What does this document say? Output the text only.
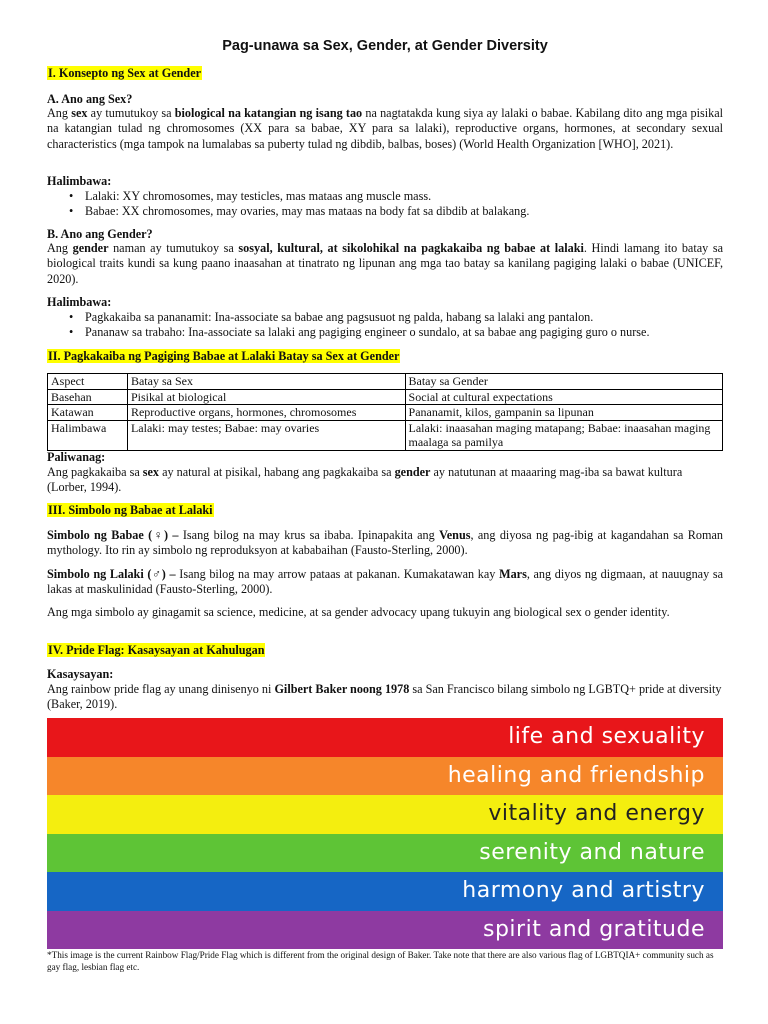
Pag-unawa sa Sex, Gender, at Gender Diversity
I. Konsepto ng Sex at Gender
A. Ano ang Sex?
Ang sex ay tumutukoy sa biological na katangian ng isang tao na nagtatakda kung siya ay lalaki o babae. Kabilang dito ang mga pisikal na katangian tulad ng chromosomes (XX para sa babae, XY para sa lalaki), reproductive organs, hormones, at secondary sexual characteristics (mga tampok na lumalabas sa puberty tulad ng dibdib, balbas, boses) (World Health Organization [WHO], 2021).
Halimbawa:
• Lalaki: XY chromosomes, may testicles, mas mataas ang muscle mass.
• Babae: XX chromosomes, may ovaries, may mas mataas na body fat sa dibdib at balakang.
B. Ano ang Gender?
Ang gender naman ay tumutukoy sa sosyal, kultural, at sikolohikal na pagkakaiba ng babae at lalaki. Hindi lamang ito batay sa biological traits kundi sa kung paano inaasahan at tinatrato ng lipunan ang mga tao batay sa kanilang pagiging lalaki o babae (UNICEF, 2020).
Halimbawa:
• Pagkakaiba sa pananamit: Ina-associate sa babae ang pagsusuot ng palda, habang sa lalaki ang pantalon.
• Pananaw sa trabaho: Ina-associate sa lalaki ang pagiging engineer o sundalo, at sa babae ang pagiging guro o nurse.
II. Pagkakaiba ng Pagiging Babae at Lalaki Batay sa Sex at Gender
Aspect	Batay sa Sex	Batay sa Gender
Basehan	Pisikal at biological	Social at cultural expectations
Katawan	Reproductive organs, hormones, chromosomes	Pananamit, kilos, gampanin sa lipunan
Halimbawa	Lalaki: may testes; Babae: may ovaries	Lalaki: inaasahan maging matapang; Babae: inaasahan maging maalaga sa pamilya
Paliwanag:
Ang pagkakaiba sa sex ay natural at pisikal, habang ang pagkakaiba sa gender ay natutunan at maaaring mag-iba sa bawat kultura (Lorber, 1994).
III. Simbolo ng Babae at Lalaki
Simbolo ng Babae (♀) – Isang bilog na may krus sa ibaba. Ipinapakita ang Venus, ang diyosa ng pag-ibig at kagandahan sa Roman mythology. Ito rin ay simbolo ng reproduksyon at kababaihan (Fausto-Sterling, 2000).
Simbolo ng Lalaki (♂) – Isang bilog na may arrow pataas at pakanan. Kumakatawan kay Mars, ang diyos ng digmaan, at nauugnay sa lakas at maskulinidad (Fausto-Sterling, 2000).
Ang mga simbolo ay ginagamit sa science, medicine, at sa gender advocacy upang tukuyin ang biological sex o gender identity.
IV. Pride Flag: Kasaysayan at Kahulugan
Kasaysayan:
Ang rainbow pride flag ay unang dinisenyo ni Gilbert Baker noong 1978 sa San Francisco bilang simbolo ng LGBTQ+ pride at diversity (Baker, 2019).
life and sexuality
healing and friendship
vitality and energy
serenity and nature
harmony and artistry
spirit and gratitude
*This image is the current Rainbow Flag/Pride Flag which is different from the original design of Baker. Take note that there are also various flag of LGBTQIA+ community such as gay flag, lesbian flag etc.
